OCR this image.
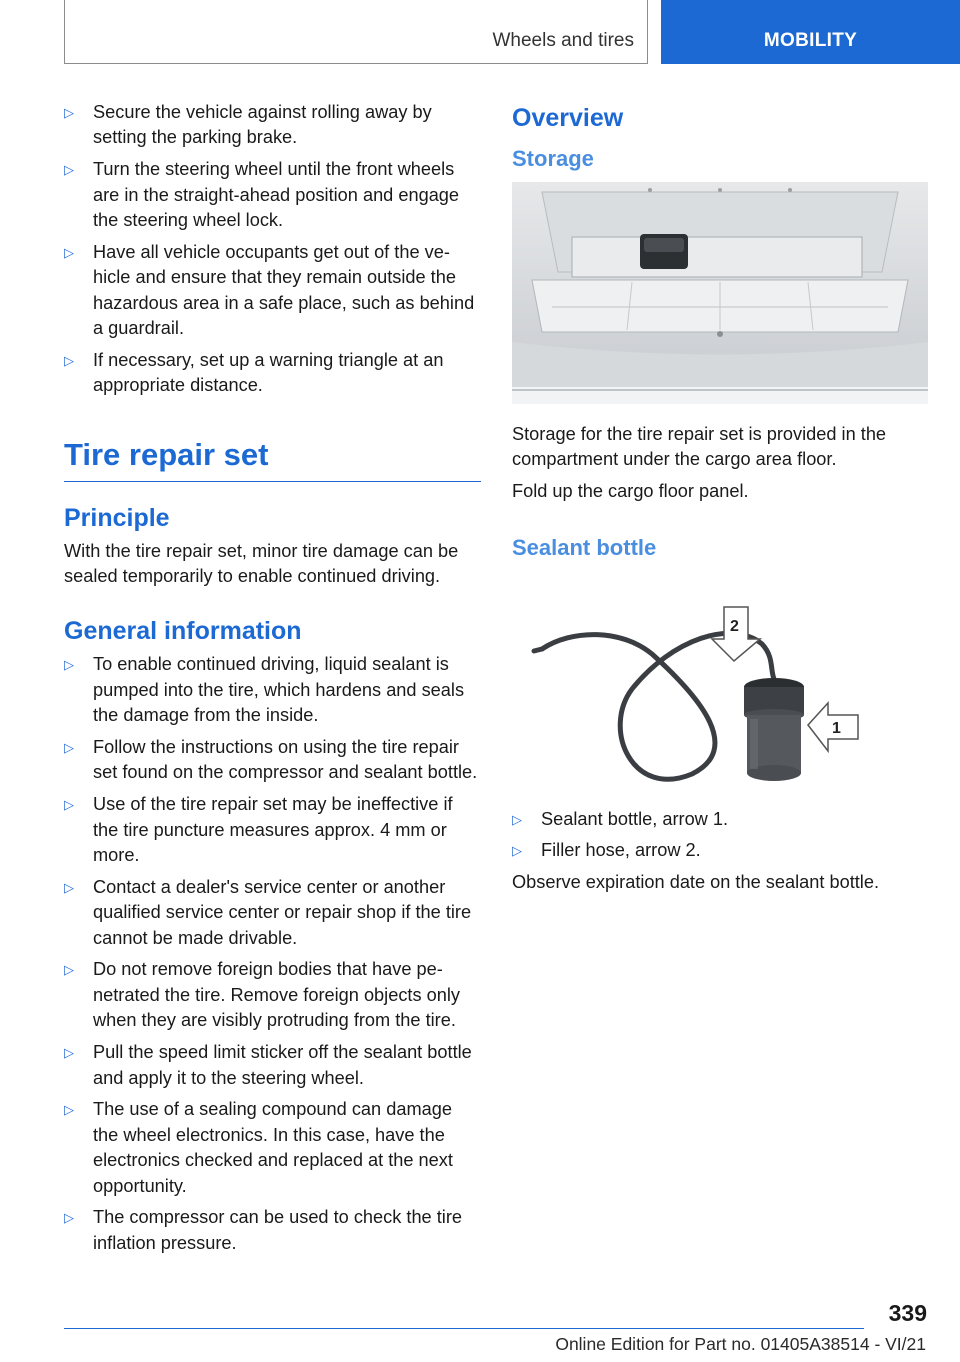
Wheels and tires	MOBILITY
▷ Secure the vehicle against rolling away by setting the parking brake.
▷ Turn the steering wheel until the front wheels are in the straight-ahead position and engage the steering wheel lock.
▷ Have all vehicle occupants get out of the vehicle and ensure that they remain outside the hazardous area in a safe place, such as behind a guardrail.
▷ If necessary, set up a warning triangle at an appropriate distance.
Tire repair set
Principle

With the tire repair set, minor tire damage can be sealed temporarily to enable continued driving.

General information
▷ To enable continued driving, liquid sealant is pumped into the tire, which hardens and seals the damage from the inside.
▷ Follow the instructions on using the tire repair set found on the compressor and sealant bottle.
▷ Use of the tire repair set may be ineffective if the tire puncture measures approx. 4 mm or more.
▷ Contact a dealer's service center or another qualified service center or repair shop if the tire cannot be made drivable.
▷ Do not remove foreign bodies that have penetrated the tire. Remove foreign objects only when they are visibly protruding from the tire.
▷ Pull the speed limit sticker off the sealant bottle and apply it to the steering wheel.
▷ The use of a sealing compound can damage the wheel electronics. In this case, have the electronics checked and replaced at the next opportunity.
▷ The compressor can be used to check the tire inflation pressure.
Overview
Storage

Storage for the tire repair set is provided in the compartment under the cargo area floor.

Fold up the cargo floor panel.

Sealant bottle
1
2
▷ Sealant bottle, arrow 1.
▷ Filler hose, arrow 2.

Observe expiration date on the sealant bottle.

339
Online Edition for Part no. 01405A38514 - VI/21
